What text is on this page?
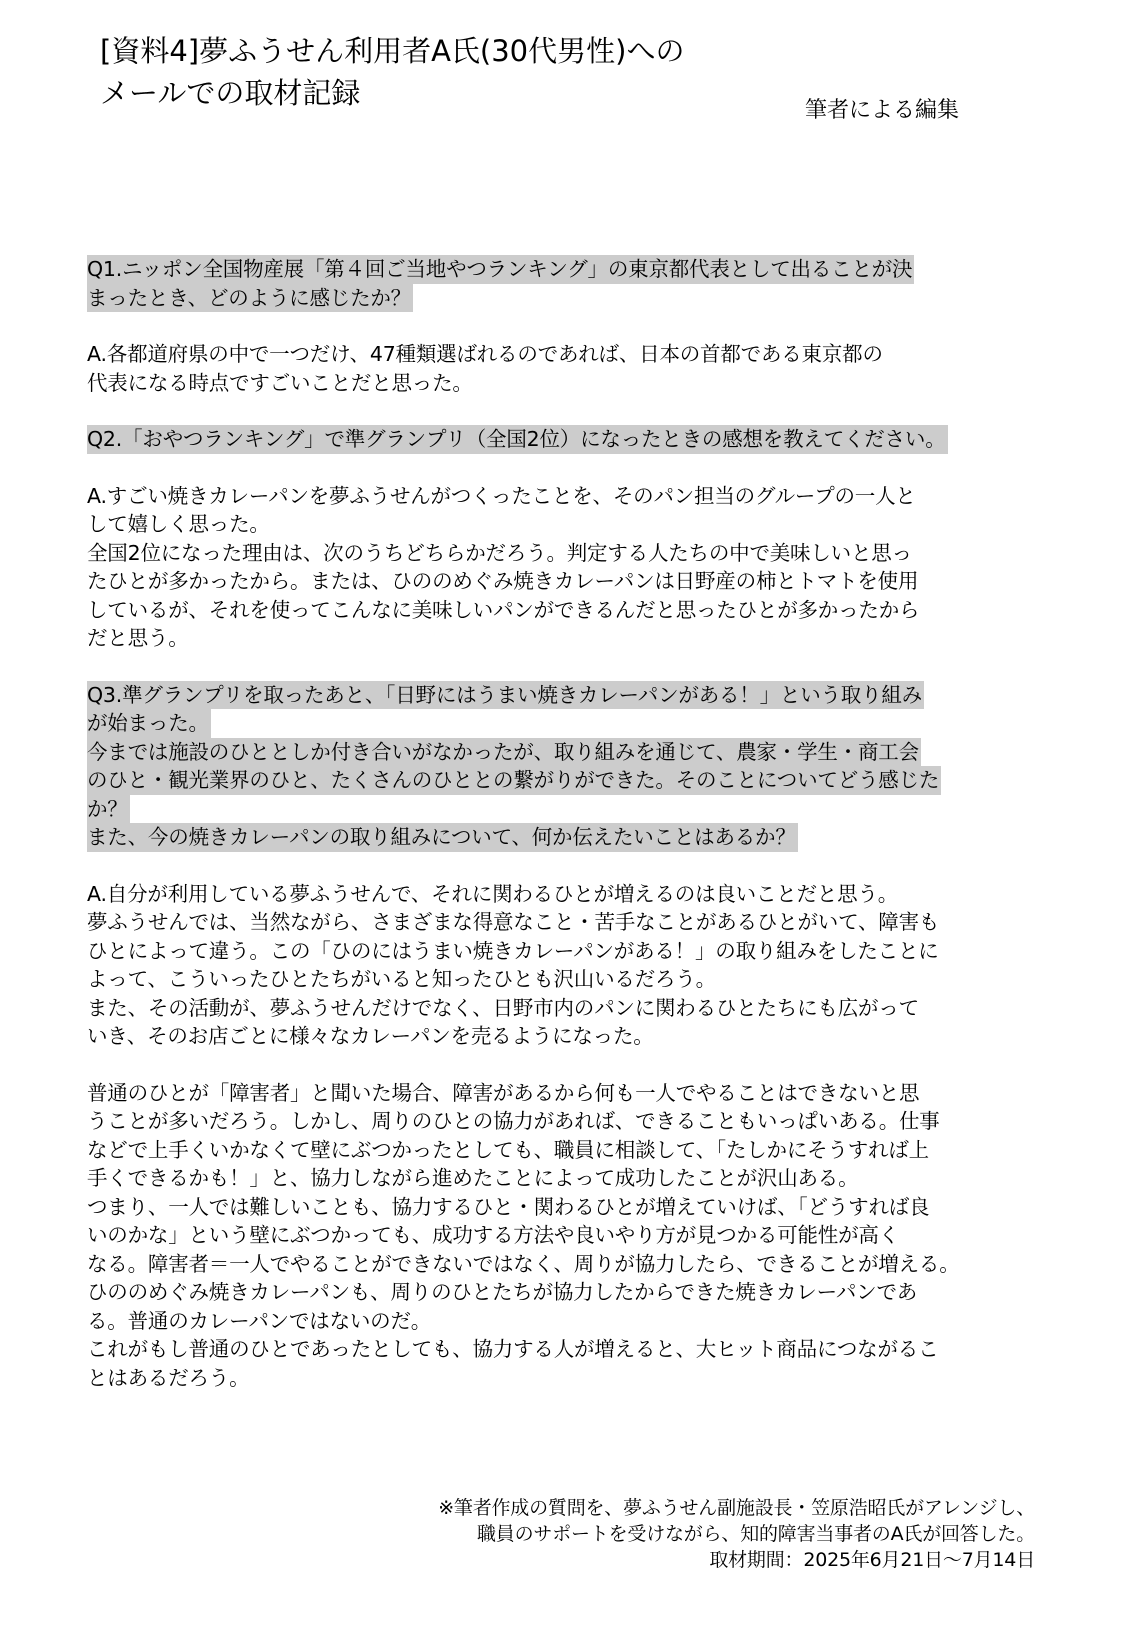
[資料4]夢ふうせん利用者A氏(30代男性)への
メールでの取材記録
筆者による編集
Q1.ニッポン全国物産展「第４回ご当地やつランキング」の東京都代表として出ることが決
まったとき、どのように感じたか？
A.各都道府県の中で一つだけ、47種類選ばれるのであれば、日本の首都である東京都の
代表になる時点ですごいことだと思った。
Q2.「おやつランキング」で準グランプリ（全国2位）になったときの感想を教えてください。
A.すごい焼きカレーパンを夢ふうせんがつくったことを、そのパン担当のグループの一人と
して嬉しく思った。
全国2位になった理由は、次のうちどちらかだろう。判定する人たちの中で美味しいと思っ
たひとが多かったから。または、ひののめぐみ焼きカレーパンは日野産の柿とトマトを使用
しているが、それを使ってこんなに美味しいパンができるんだと思ったひとが多かったから
だと思う。
Q3.準グランプリを取ったあと、「日野にはうまい焼きカレーパンがある！」という取り組み
が始まった。
今までは施設のひととしか付き合いがなかったが、取り組みを通じて、農家・学生・商工会
のひと・観光業界のひと、たくさんのひととの繋がりができた。そのことについてどう感じた
か？
また、今の焼きカレーパンの取り組みについて、何か伝えたいことはあるか？
A.自分が利用している夢ふうせんで、それに関わるひとが増えるのは良いことだと思う。
夢ふうせんでは、当然ながら、さまざまな得意なこと・苦手なことがあるひとがいて、障害も
ひとによって違う。この「ひのにはうまい焼きカレーパンがある！」の取り組みをしたことに
よって、こういったひとたちがいると知ったひとも沢山いるだろう。
また、その活動が、夢ふうせんだけでなく、日野市内のパンに関わるひとたちにも広がって
いき、そのお店ごとに様々なカレーパンを売るようになった。
普通のひとが「障害者」と聞いた場合、障害があるから何も一人でやることはできないと思
うことが多いだろう。しかし、周りのひとの協力があれば、できることもいっぱいある。仕事
などで上手くいかなくて壁にぶつかったとしても、職員に相談して、「たしかにそうすれば上
手くできるかも！」と、協力しながら進めたことによって成功したことが沢山ある。
つまり、一人では難しいことも、協力するひと・関わるひとが増えていけば、「どうすれば良
いのかな」という壁にぶつかっても、成功する方法や良いやり方が見つかる可能性が高く
なる。障害者＝一人でやることができないではなく、周りが協力したら、できることが増える。
ひののめぐみ焼きカレーパンも、周りのひとたちが協力したからできた焼きカレーパンであ
る。普通のカレーパンではないのだ。
これがもし普通のひとであったとしても、協力する人が増えると、大ヒット商品につながるこ
とはあるだろう。
※筆者作成の質問を、夢ふうせん副施設長・笠原浩昭氏がアレンジし、
職員のサポートを受けながら、知的障害当事者のA氏が回答した。
取材期間：2025年6月21日～7月14日
